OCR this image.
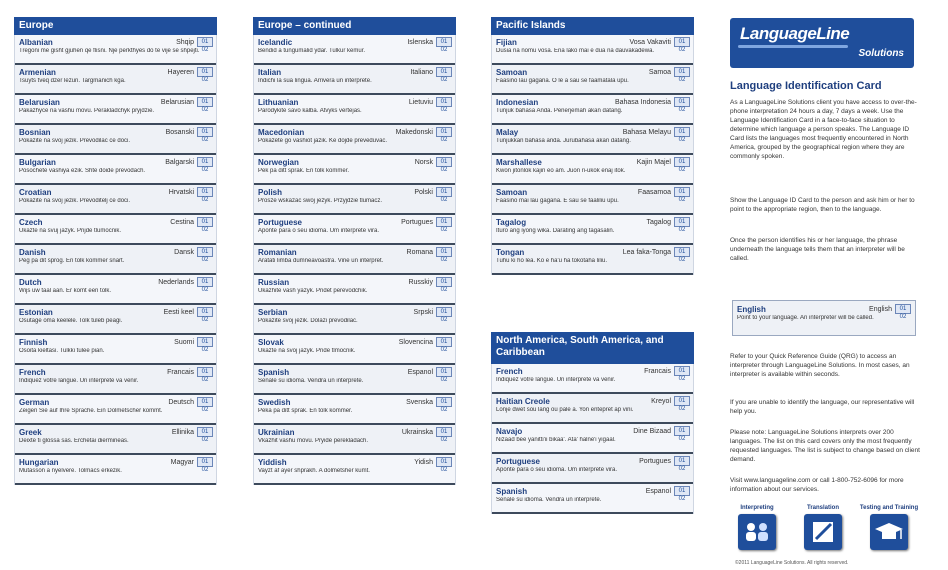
Europe
Albanian	Shqip	01 02
Tregoni me gisht gjuhen qe flisni. Nje perkthyes do te vije se shpejti.
Armenian	Hayeren	01 02
Tsuyts tveq dzer lezun. Targmanich kga.
Belarusian	Belarusian	01 02
Pakazhyce na vashu movu. Perakladchyk pryjdzie.
Bosnian	Bosanski	01 02
Pokazite na svoj jezik. Prevodilac ce doci.
Bulgarian	Balgarski	01 02
Posochete vashiya ezik. Shte doide prevodach.
Croatian	Hrvatski	01 02
Pokazite na svoj jezik. Prevoditelj ce doci.
Czech	Cestina	01 02
Ukazte na svuj jazyk. Prijde tlumocnik.
Danish	Dansk	01 02
Peg pa dit sprog. En tolk kommer snart.
Dutch	Nederlands	01 02
Wijs uw taal aan. Er komt een tolk.
Estonian	Eesti keel	01 02
Osutage oma keelele. Tolk tuleb peagi.
Finnish	Suomi	01 02
Osoita kieltasi. Tulkki tulee pian.
French	Francais	01 02
Indiquez votre langue. Un interprete va venir.
German	Deutsch	01 02
Zeigen Sie auf Ihre Sprache. Ein Dolmetscher kommt.
Greek	Ellinika	01 02
Deixte ti glossa sas. Erchetai diermineas.
Hungarian	Magyar	01 02
Mutasson a nyelvere. Tolmacs erkezik.
Europe – continued
Icelandic	Islenska	01 02
Bendid a tungumalid ydar. Tulkur kemur.
Italian	Italiano	01 02
Indichi la sua lingua. Arrivera un interprete.
Lithuanian	Lietuviu	01 02
Parodykite savo kalba. Atvyks vertejas.
Macedonian	Makedonski	01 02
Pokazete go vashiot jazik. Ke dojde preveduvac.
Norwegian	Norsk	01 02
Pek pa ditt sprak. En tolk kommer.
Polish	Polski	01 02
Prosze wskazac swoj jezyk. Przyjdzie tlumacz.
Portuguese	Portugues	01 02
Aponte para o seu idioma. Um interprete vira.
Romanian	Romana	01 02
Aratati limba dumneavoastra. Vine un interpret.
Russian	Russkiy	01 02
Ukazhite vash yazyk. Pridet perevodchik.
Serbian	Srpski	01 02
Pokazite svoj jezik. Dolazi prevodilac.
Slovak	Slovencina	01 02
Ukazte na svoj jazyk. Pride tlmocnik.
Spanish	Espanol	01 02
Senale su idioma. Vendra un interprete.
Swedish	Svenska	01 02
Peka pa ditt sprak. En tolk kommer.
Ukrainian	Ukrainska	01 02
Vkazhit vashu movu. Pryide perekladach.
Yiddish	Yidish	01 02
Vayzt af ayer shprakh. A dolmetsher kumt.
Pacific Islands
Fijian	Vosa Vakaviti	01 02
Dusia na nomu vosa. Ena lako mai e dua na dauvakadewa.
Samoan	Samoa	01 02
Faasino lau gagana. O le a sau se faamatala upu.
Indonesian	Bahasa Indonesia	01 02
Tunjuk bahasa Anda. Penerjemah akan datang.
Malay	Bahasa Melayu	01 02
Tunjukkan bahasa anda. Jurubahasa akan datang.
Marshallese	Kajin Majel	01 02
Kwon jitonlok kajin eo am. Juon ri-ukok enaj itok.
Samoan	Faasamoa	01 02
Faasino mai lau gagana. E sau se faaliliu upu.
Tagalog	Tagalog	01 02
Ituro ang iyong wika. Darating ang tagasalin.
Tongan	Lea faka-Tonga	01 02
Tuhu ki ho lea. Ko e ha'u ha tokotaha liliu.
North America, South America, and Caribbean
French	Francais	01 02
Indiquez votre langue. Un interprete va venir.
Haitian Creole	Kreyol	01 02
Lonje dwet sou lang ou pale a. Yon entepret ap vini.
Navajo	Dine Bizaad	01 02
Nizaad bee yanitti'ii bikaa'. Ata' halne'i yigaal.
Portuguese	Portugues	01 02
Aponte para o seu idioma. Um interprete vira.
Spanish	Espanol	01 02
Senale su idioma. Vendra un interprete.
LanguageLine
Solutions
Language Identification Card
As a LanguageLine Solutions client you have access to over-the-phone interpretation 24 hours a day, 7 days a week. Use the Language Identification Card in a face-to-face situation to determine which language a person speaks. The Language ID Card lists the languages most frequently encountered in North America, grouped by the geographical region where they are commonly spoken.
Show the Language ID Card to the person and ask him or her to point to the appropriate region, then to the language.
Once the person identifies his or her language, the phrase underneath the language tells them that an interpreter will be called.
English	English	01 02
Point to your language. An interpreter will be called.
Refer to your Quick Reference Guide (QRG) to access an interpreter through LanguageLine Solutions. In most cases, an interpreter is available within seconds.
If you are unable to identify the language, our representative will help you.
Please note: LanguageLine Solutions interprets over 200 languages. The list on this card covers only the most frequently requested languages. The list is subject to change based on client demand.
Visit www.languageline.com or call 1-800-752-6096 for more information about our services.
Interpreting	Translation	Testing and Training
©2011 LanguageLine Solutions. All rights reserved.
